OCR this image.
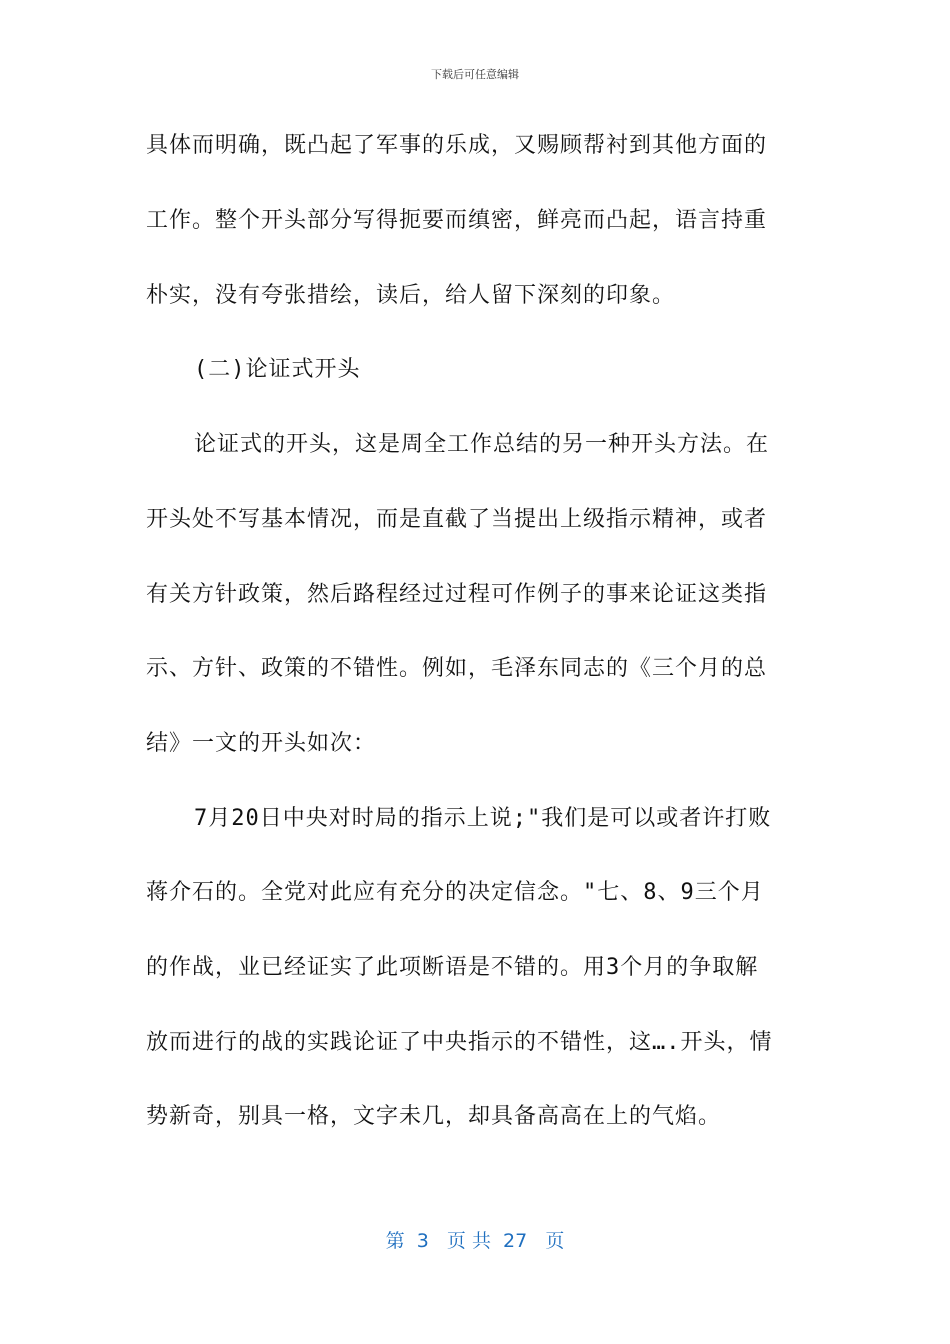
下载后可任意编辑
具体而明确，既凸起了军事的乐成，又赐顾帮衬到其他方面的
工作。整个开头部分写得扼要而缜密，鲜亮而凸起，语言持重
朴实，没有夸张措绘，读后，给人留下深刻的印象。
(二)论证式开头
论证式的开头，这是周全工作总结的另一种开头方法。在
开头处不写基本情况，而是直截了当提出上级指示精神，或者
有关方针政策，然后路程经过过程可作例子的事来论证这类指
示、方针、政策的不错性。例如，毛泽东同志的《三个月的总
结》一文的开头如次：
7月20日中央对时局的指示上说;"我们是可以或者许打败
蒋介石的。全党对此应有充分的决定信念。"七、8、9三个月
的作战，业已经证实了此项断语是不错的。用3个月的争取解
放而进行的战的实践论证了中央指示的不错性，这….开头，情
势新奇，别具一格，文字未几，却具备高高在上的气焰。
第  3   页 共  27   页
